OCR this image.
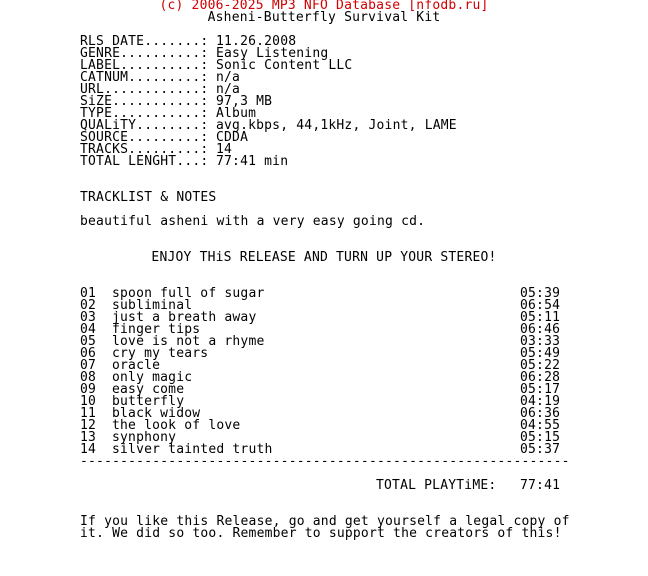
(c) 2006-2025 MP3 NFO Database [nfodb.ru]
Asheni-Butterfly Survival Kit
RLS DATE.......: 11.26.2008
GENRE..........: Easy Listening
LABEL..........: Sonic Content LLC
CATNUM.........: n/a
URL............: n/a
SiZE...........: 97,3 MB
TYPE...........: Album
QUALiTY........: avg.kbps, 44,1kHz, Joint, LAME
SOURCE.........: CDDA
TRACKS.........: 14
TOTAL LENGHT...: 77:41 min
TRACKLIST & NOTES
beautiful asheni with a very easy going cd.
ENJOY THiS RELEASE AND TURN UP YOUR STEREO!
01 spoon full of sugar	05:39
02 subliminal	06:54
03 just a breath away	05:11
04 finger tips	06:46
05 love is not a rhyme	03:33
06 cry my tears	05:49
07 oracle	05:22
08 only magic	06:28
09 easy come	05:17
10 butterfly	04:19
11 black widow	06:36
12 the look of love	04:55
13 synphony	05:15
14 silver tainted truth	05:37
-------------------------------------------------------------
TOTAL PLAYTiME: 77:41
If you like this Release, go and get yourself a legal copy of
it. We did so too. Remember to support the creators of this!
